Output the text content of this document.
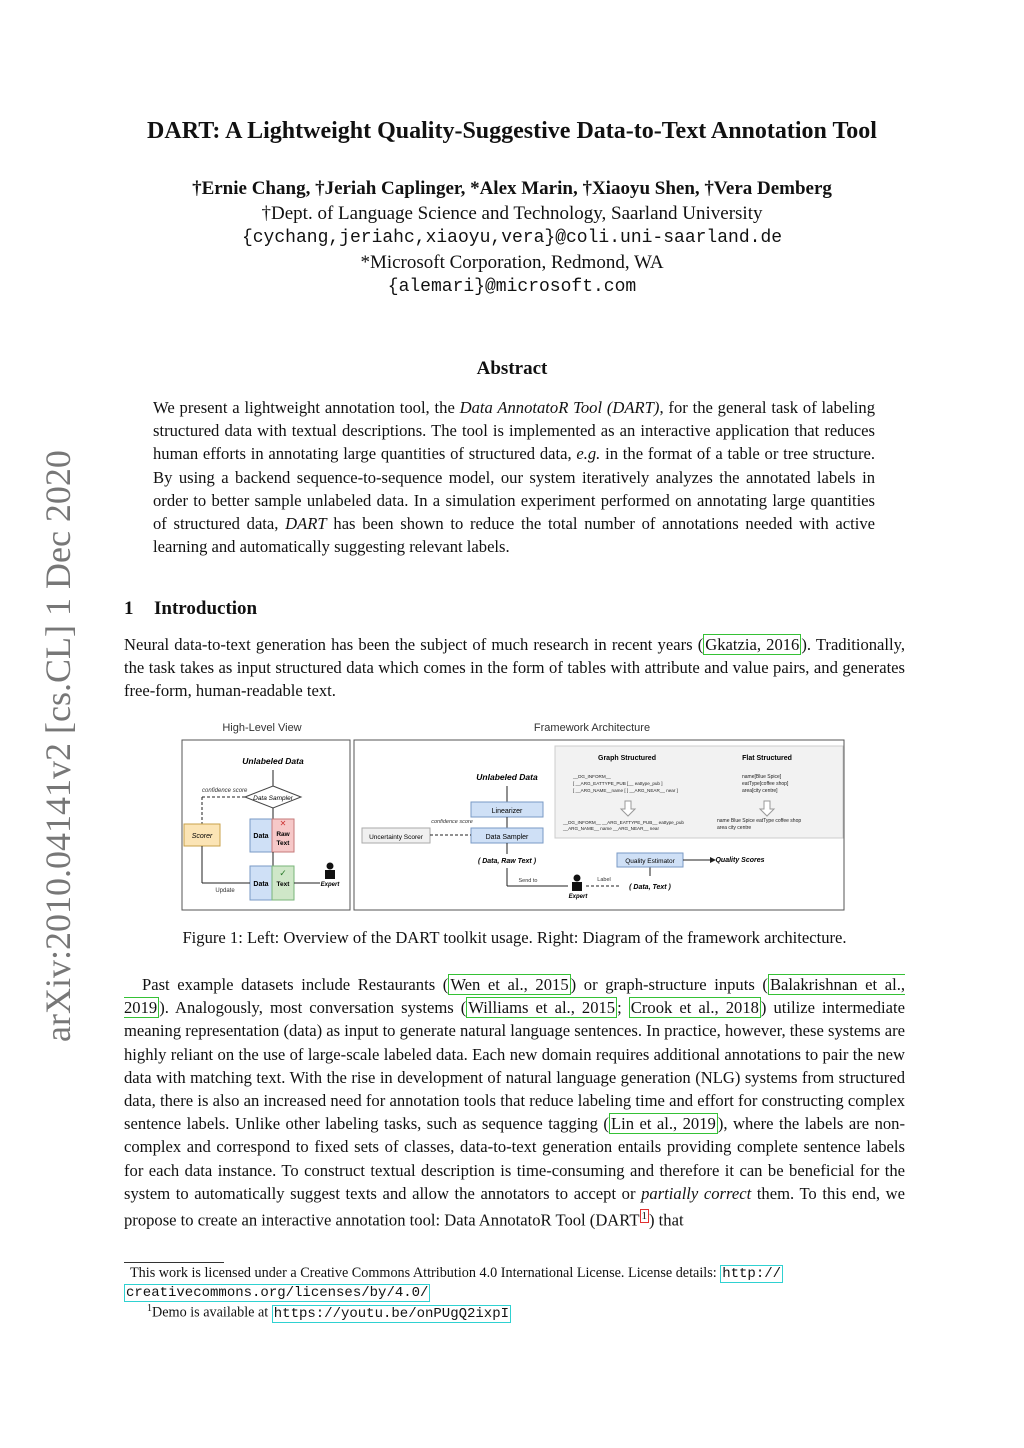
arXiv:2010.04141v2 [cs.CL] 1 Dec 2020
DART: A Lightweight Quality-Suggestive Data-to-Text Annotation Tool
†Ernie Chang, †Jeriah Caplinger, *Alex Marin, †Xiaoyu Shen, †Vera Demberg
†Dept. of Language Science and Technology, Saarland University
{cychang,jeriahc,xiaoyu,vera}@coli.uni-saarland.de
*Microsoft Corporation, Redmond, WA
{alemari}@microsoft.com
Abstract
We present a lightweight annotation tool, the Data AnnotatoR Tool (DART), for the general task of labeling structured data with textual descriptions. The tool is implemented as an interactive application that reduces human efforts in annotating large quantities of structured data, e.g. in the format of a table or tree structure. By using a backend sequence-to-sequence model, our system iteratively analyzes the annotated labels in order to better sample unlabeled data. In a simulation experiment performed on annotating large quantities of structured data, DART has been shown to reduce the total number of annotations needed with active learning and automatically suggesting relevant labels.
1 Introduction

Neural data-to-text generation has been the subject of much research in recent years ( Gkatzia, 2016 ). Traditionally, the task takes as input structured data which comes in the form of tables with attribute and value pairs, and generates free-form, human-readable text.

High-Level View
Unlabeled Data
Data Sampler
confidence score
Scorer	Data
✕
Raw
Text
Data
✓
Text	Expert
Update
Framework Architecture
Graph Structured	Flat Structured
__DG_INFORM__
[ __ARG_EATTYPE_PUB [__ eattype_pub ]
[ __ARG_NAME__name [ ] __ARG_NEAR__ near ]
name[Blue Spice]
eatType[coffee shop]
area[city centre]
__DG_INFORM__ __ARG_EATTYPE_PUB__ eattype_pub
__ARG_NAME__ name __ARG_NEAR__ near
name Blue Spice eatType coffee shop
area city centre
Unlabeled Data
Linearizer
Data Sampler
Uncertainty Scorer
confidence score
( Data, Raw Text )
Send to
Expert
Label
( Data, Text )
Quality Estimator	Quality Scores
Figure 1: Left: Overview of the DART toolkit usage. Right: Diagram of the framework architecture.

Past example datasets include Restaurants ( Wen et al., 2015 ) or graph-structure inputs ( Balakrishnan et al., 2019 ). Analogously, most conversation systems ( Williams et al., 2015 ; Crook et al., 2018 ) utilize intermediate meaning representation (data) as input to generate natural language sentences. In practice, however, these systems are highly reliant on the use of large-scale labeled data. Each new domain requires additional annotations to pair the new data with matching text. With the rise in development of natural language generation (NLG) systems from structured data, there is also an increased need for annotation tools that reduce labeling time and effort for constructing complex sentence labels. Unlike other labeling tasks, such as sequence tagging ( Lin et al., 2019 ), where the labels are non-complex and correspond to fixed sets of classes, data-to-text generation entails providing complete sentence labels for each data instance. To construct textual description is time-consuming and therefore it can be beneficial for the system to automatically suggest texts and allow the annotators to accept or partially correct them. To this end, we propose to create an interactive annotation tool: Data AnnotatoR Tool (DART $^1$ ) that

This work is licensed under a Creative Commons Attribution 4.0 International License. License details: http://
creativecommons.org/licenses/by/4.0/
$^1$Demo is available at https://youtu.be/onPUgQ2ixpI
